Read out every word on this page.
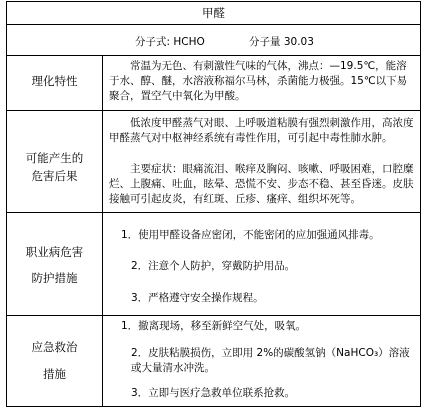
甲醛
分子式: HCHO	分子量 30.03
理化特性
常温为无色、有刺激性气味的气体，沸点：—19.5℃，能溶于水、醇、醚，水溶液称福尔马林，杀菌能力极强。15℃以下易聚合，置空气中氧化为甲酸。
可能产生的
危害后果
低浓度甲醛蒸气对眼、上呼吸道粘膜有强烈刺激作用，高浓度甲醛蒸气对中枢神经系统有毒性作用，可引起中毒性肺水肿。
主要症状：眼痛流泪、喉痒及胸闷、咳嗽、呼吸困难，口腔糜烂、上腹痛、吐血，眩晕、恐慌不安、步态不稳、甚至昏迷。皮肤接触可引起皮炎，有红斑、丘疹、瘙痒、组织坏死等。
职业病危害
防护措施
1．使用甲醛设备应密闭，不能密闭的应加强通风排毒。
2．注意个人防护，穿戴防护用品。
3．严格遵守安全操作规程。
应急救治
措施
1．撤离现场，移至新鲜空气处，吸氧。
2．皮肤粘膜损伤，立即用 2%的碳酸氢钠（NaHCO₃）溶液或大量清水冲洗。
3．立即与医疗急救单位联系抢救。
